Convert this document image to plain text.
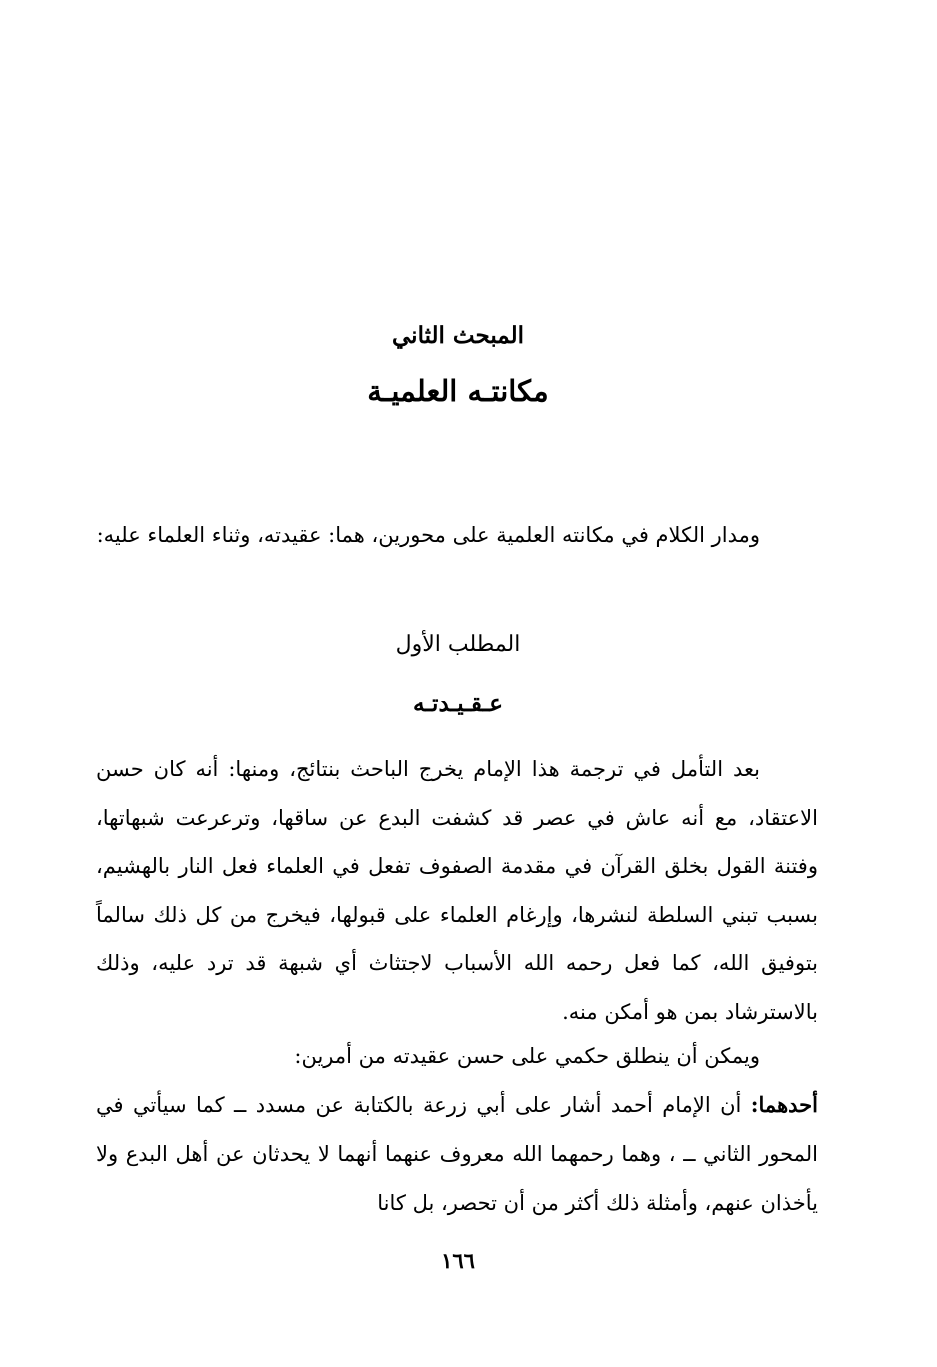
المبحث الثاني
مكانتـه العلميـة

ومدار الكلام في مكانته العلمية على محورين، هما: عقيدته، وثناء العلماء عليه:

المطلب الأول
عـقـيـدتـه

بعد التأمل في ترجمة هذا الإمام يخرج الباحث بنتائج، ومنها: أنه كان حسن الاعتقاد، مع أنه عاش في عصر قد كشفت البدع عن ساقها، وترعرعت شبهاتها، وفتنة القول بخلق القرآن في مقدمة الصفوف تفعل في العلماء فعل النار بالهشيم، بسبب تبني السلطة لنشرها، وإرغام العلماء على قبولها، فيخرج من كل ذلك سالماً بتوفيق الله، كما فعل رحمه الله الأسباب لاجتثاث أي شبهة قد ترد عليه، وذلك بالاسترشاد بمن هو أمكن منه.

ويمكن أن ينطلق حكمي على حسن عقيدته من أمرين:

أحدهما: أن الإمام أحمد أشار على أبي زرعة بالكتابة عن مسدد ــ كما سيأتي في المحور الثاني ــ ، وهما رحمهما الله معروف عنهما أنهما لا يحدثان عن أهل البدع ولا يأخذان عنهم، وأمثلة ذلك أكثر من أن تحصر، بل كانا

١٦٦
